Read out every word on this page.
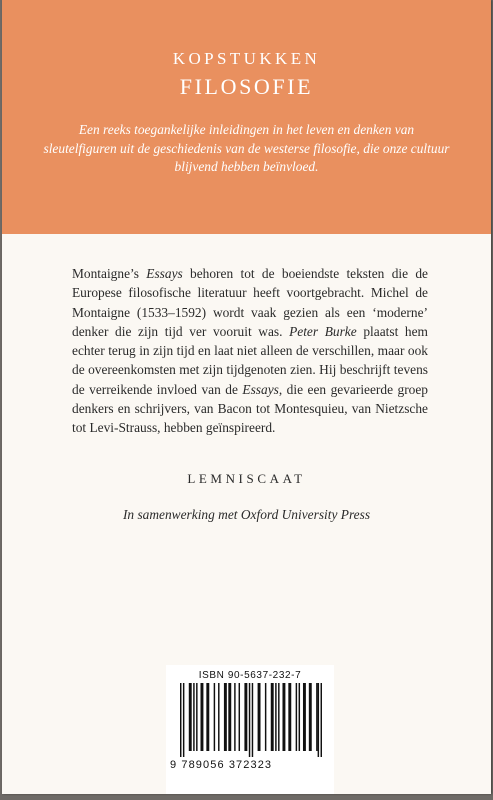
KOPSTUKKEN
FILOSOFIE

Een reeks toegankelijke inleidingen in het leven en denken van sleutelfiguren uit de geschiedenis van de westerse filosofie, die onze cultuur blijvend hebben beïnvloed.

Montaigne’s Essays behoren tot de boeiendste teksten die de Europese filosofische literatuur heeft voortgebracht. Michel de Montaigne (1533–1592) wordt vaak gezien als een ‘moderne’ denker die zijn tijd ver vooruit was. Peter Burke plaatst hem echter terug in zijn tijd en laat niet alleen de verschillen, maar ook de overeenkomsten met zijn tijdgenoten zien. Hij beschrijft tevens de verreikende invloed van de Essays, die een gevarieerde groep denkers en schrijvers, van Bacon tot Montesquieu, van Nietzsche tot Levi-Strauss, hebben geïnspireerd.

LEMNISCAAT
In samenwerking met Oxford University Press
ISBN 90-5637-232-7
9 789056 372323
